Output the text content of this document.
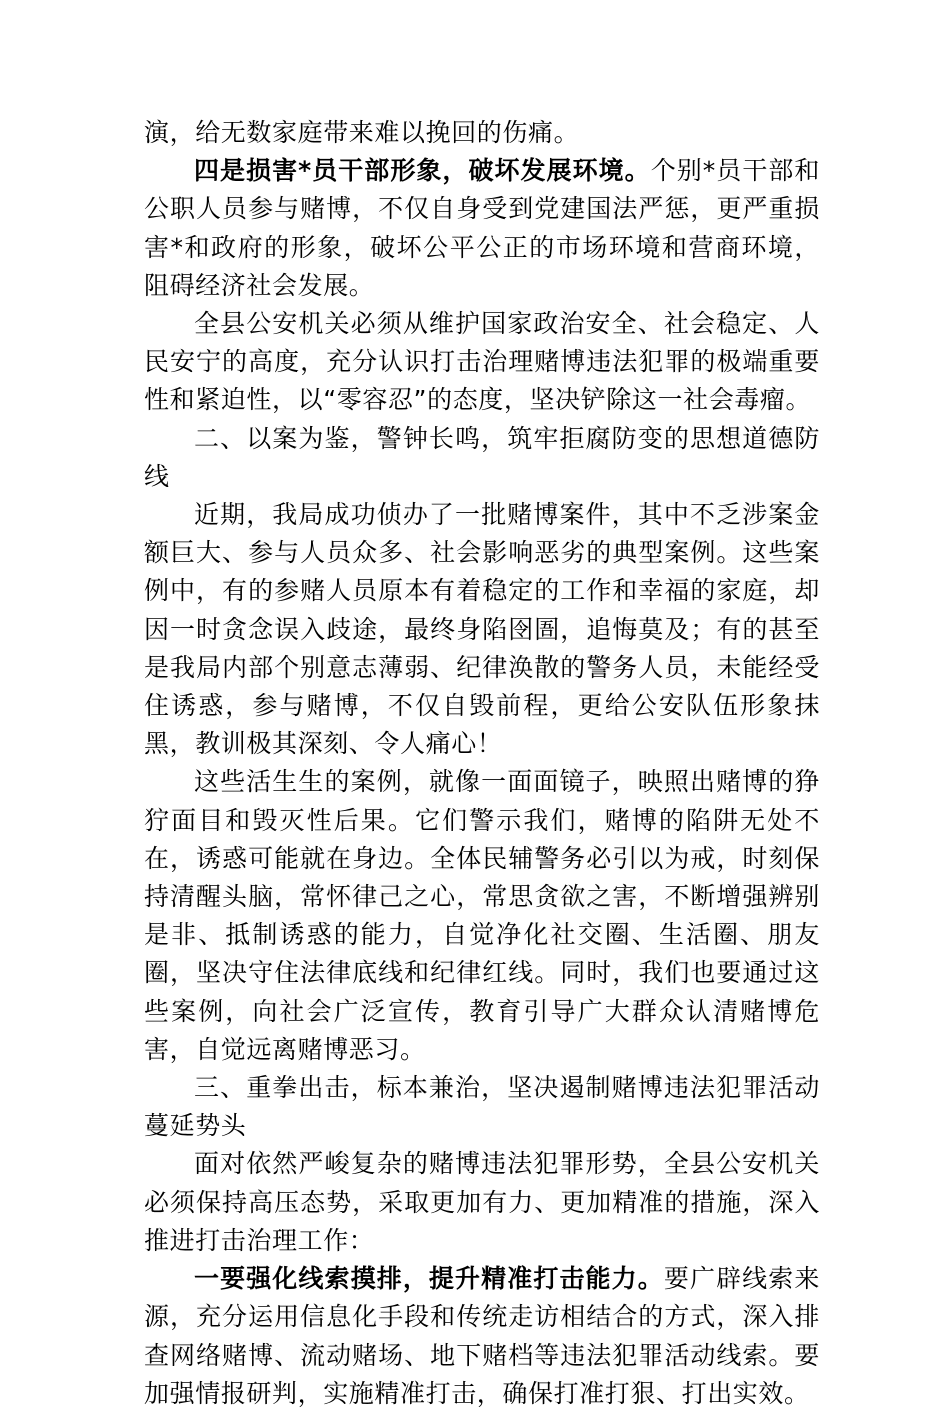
演，给无数家庭带来难以挽回的伤痛。

四是损害*员干部形象，破坏发展环境。个别*员干部和公职人员参与赌博，不仅自身受到党建国法严惩，更严重损害*和政府的形象，破坏公平公正的市场环境和营商环境，阻碍经济社会发展。

全县公安机关必须从维护国家政治安全、社会稳定、人民安宁的高度，充分认识打击治理赌博违法犯罪的极端重要性和紧迫性，以“零容忍”的态度，坚决铲除这一社会毒瘤。

二、以案为鉴，警钟长鸣，筑牢拒腐防变的思想道德防线

近期，我局成功侦办了一批赌博案件，其中不乏涉案金额巨大、参与人员众多、社会影响恶劣的典型案例。这些案例中，有的参赌人员原本有着稳定的工作和幸福的家庭，却因一时贪念误入歧途，最终身陷囹圄，追悔莫及；有的甚至是我局内部个别意志薄弱、纪律涣散的警务人员，未能经受住诱惑，参与赌博，不仅自毁前程，更给公安队伍形象抹黑，教训极其深刻、令人痛心！

这些活生生的案例，就像一面面镜子，映照出赌博的狰狞面目和毁灭性后果。它们警示我们，赌博的陷阱无处不在，诱惑可能就在身边。全体民辅警务必引以为戒，时刻保持清醒头脑，常怀律己之心，常思贪欲之害，不断增强辨别是非、抵制诱惑的能力，自觉净化社交圈、生活圈、朋友圈，坚决守住法律底线和纪律红线。同时，我们也要通过这些案例，向社会广泛宣传，教育引导广大群众认清赌博危害，自觉远离赌博恶习。

三、重拳出击，标本兼治，坚决遏制赌博违法犯罪活动蔓延势头

面对依然严峻复杂的赌博违法犯罪形势，全县公安机关必须保持高压态势，采取更加有力、更加精准的措施，深入推进打击治理工作：

一要强化线索摸排，提升精准打击能力。要广辟线索来源，充分运用信息化手段和传统走访相结合的方式，深入排查网络赌博、流动赌场、地下赌档等违法犯罪活动线索。要加强情报研判，实施精准打击，确保打准打狠、打出实效。
